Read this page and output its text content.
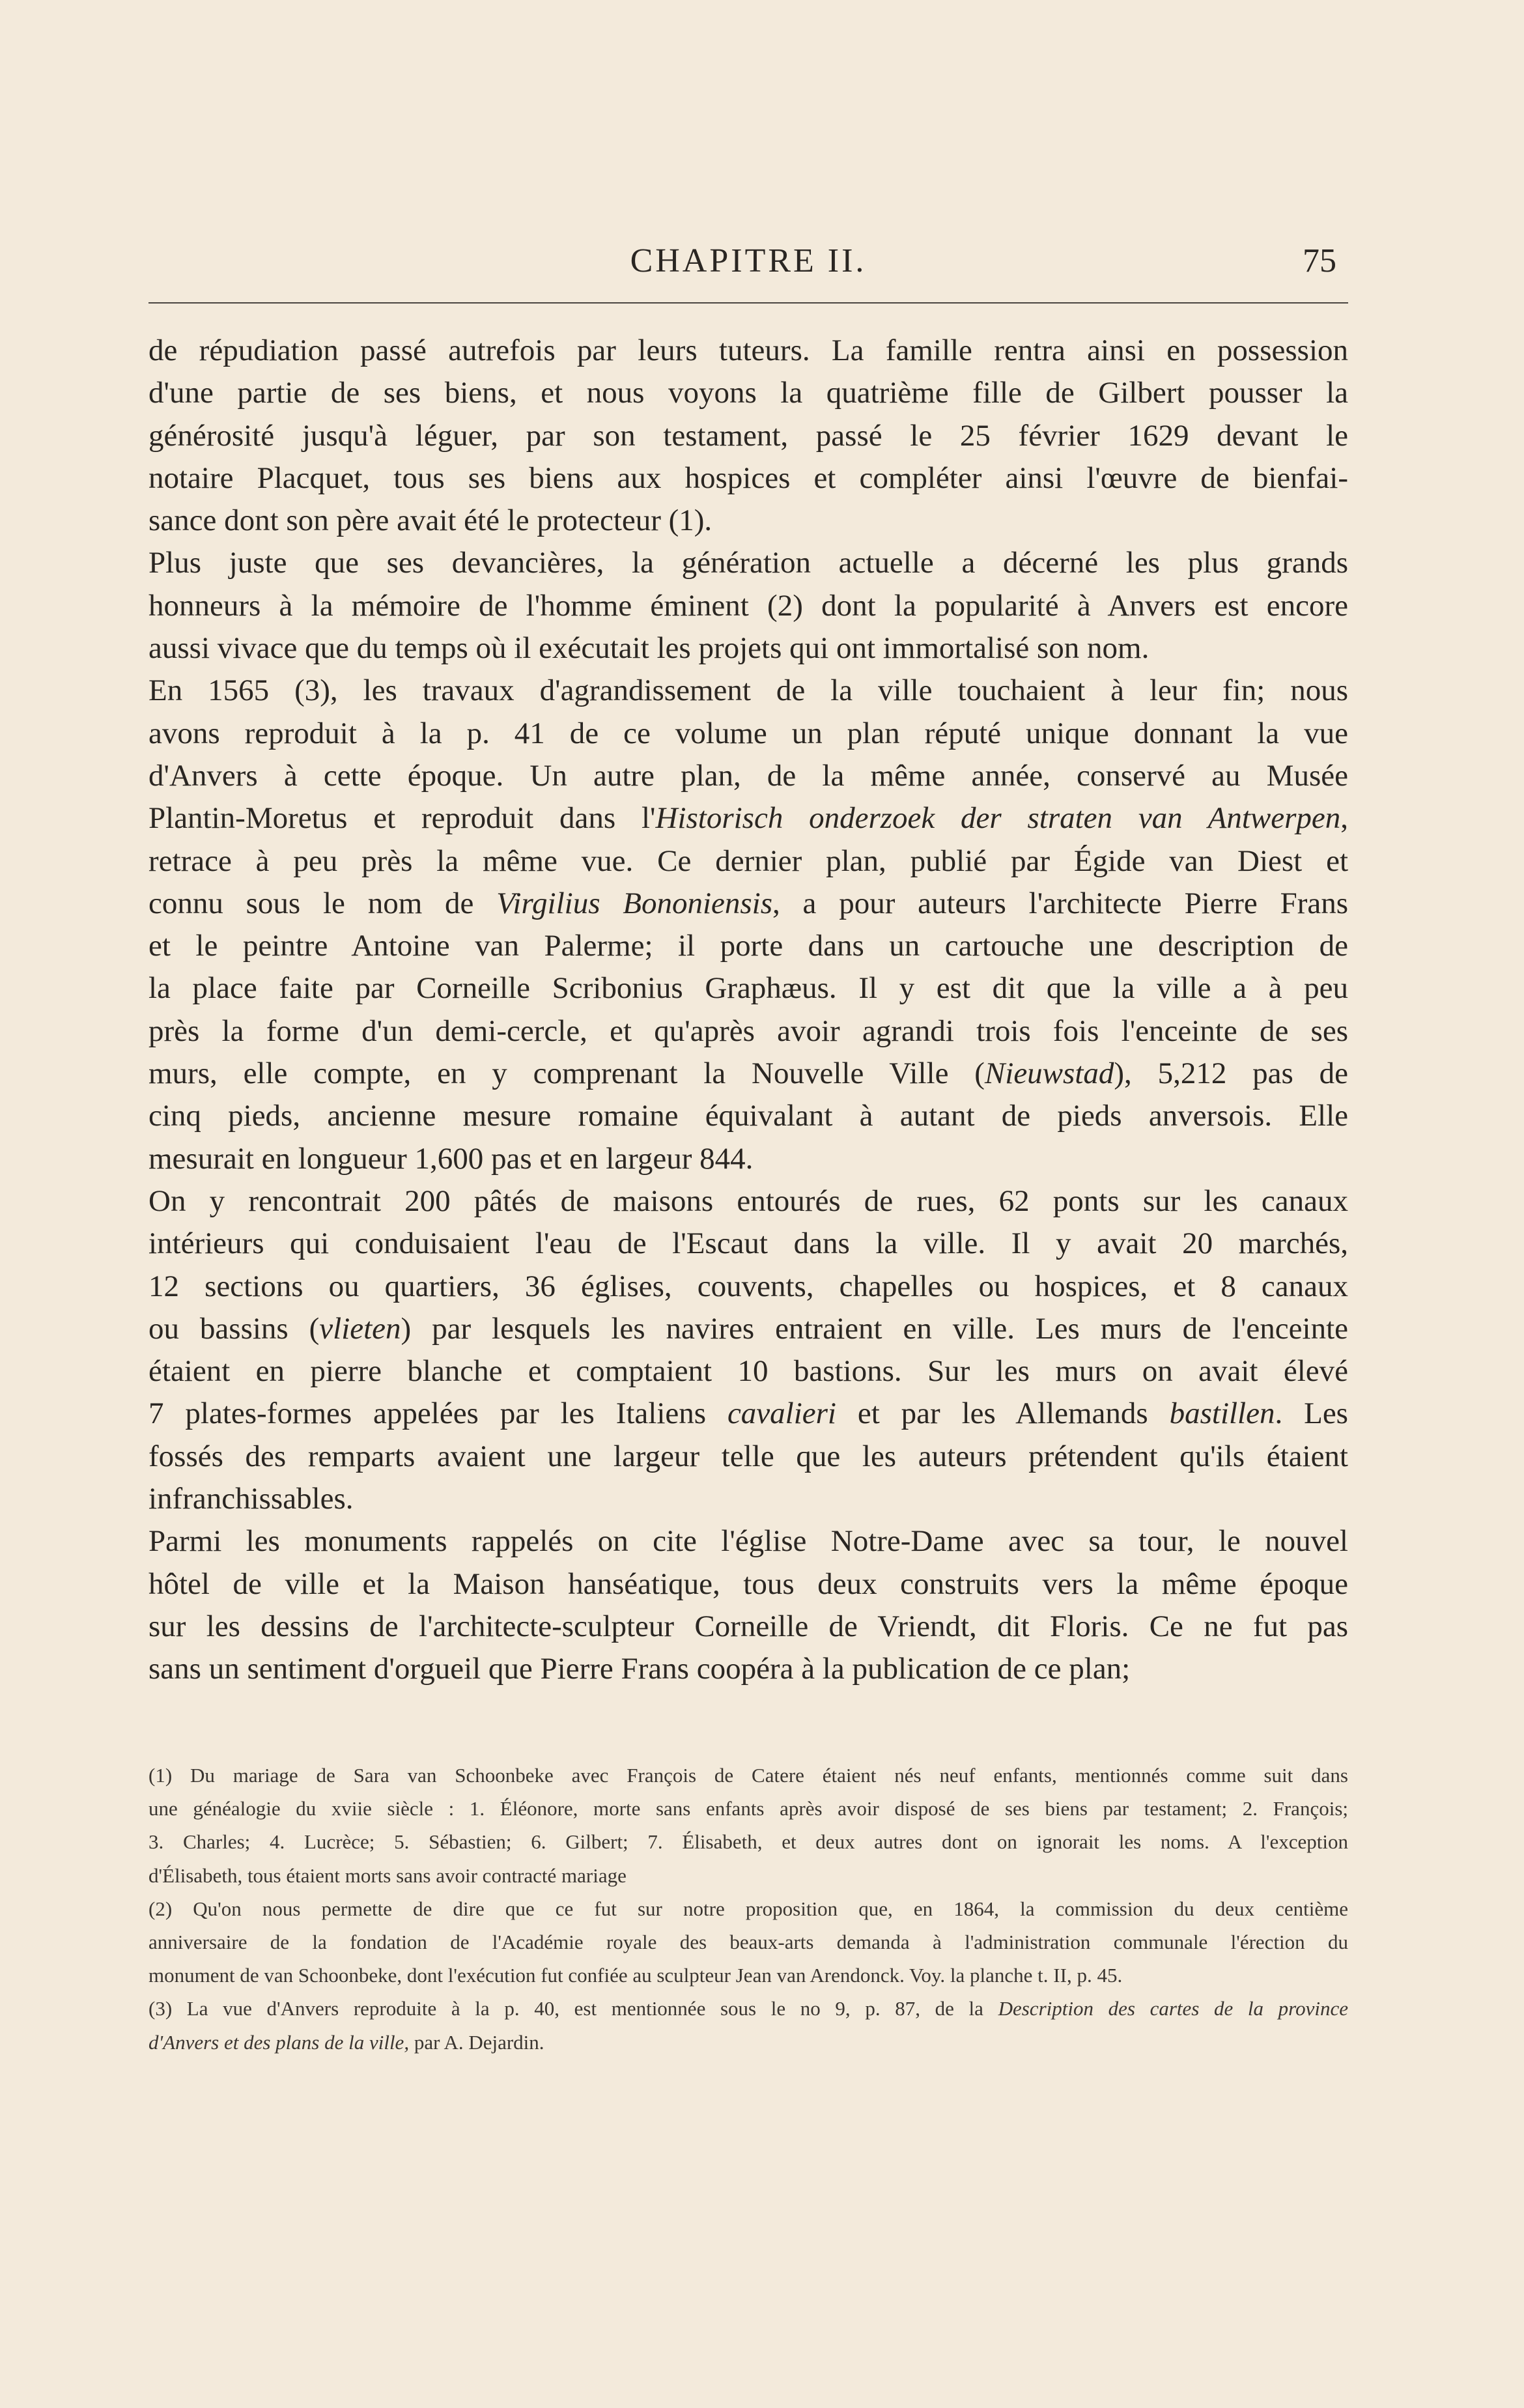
CHAPITRE II.	75
de répudiation passé autrefois par leurs tuteurs. La famille rentra ainsi en possession
d'une partie de ses biens, et nous voyons la quatrième fille de Gilbert pousser la
générosité jusqu'à léguer, par son testament, passé le 25 février 1629 devant le
notaire Placquet, tous ses biens aux hospices et compléter ainsi l'œuvre de bienfai-
sance dont son père avait été le protecteur (1).
Plus juste que ses devancières, la génération actuelle a décerné les plus grands
honneurs à la mémoire de l'homme éminent (2) dont la popularité à Anvers est encore
aussi vivace que du temps où il exécutait les projets qui ont immortalisé son nom.
En 1565 (3), les travaux d'agrandissement de la ville touchaient à leur fin; nous
avons reproduit à la p. 41 de ce volume un plan réputé unique donnant la vue
d'Anvers à cette époque. Un autre plan, de la même année, conservé au Musée
Plantin-Moretus et reproduit dans l'Historisch onderzoek der straten van Antwerpen,
retrace à peu près la même vue. Ce dernier plan, publié par Égide van Diest et
connu sous le nom de Virgilius Bononiensis, a pour auteurs l'architecte Pierre Frans
et le peintre Antoine van Palerme; il porte dans un cartouche une description de
la place faite par Corneille Scribonius Graphæus. Il y est dit que la ville a à peu
près la forme d'un demi-cercle, et qu'après avoir agrandi trois fois l'enceinte de ses
murs, elle compte, en y comprenant la Nouvelle Ville (Nieuwstad), 5,212 pas de
cinq pieds, ancienne mesure romaine équivalant à autant de pieds anversois. Elle
mesurait en longueur 1,600 pas et en largeur 844.
On y rencontrait 200 pâtés de maisons entourés de rues, 62 ponts sur les canaux
intérieurs qui conduisaient l'eau de l'Escaut dans la ville. Il y avait 20 marchés,
12 sections ou quartiers, 36 églises, couvents, chapelles ou hospices, et 8 canaux
ou bassins (vlieten) par lesquels les navires entraient en ville. Les murs de l'enceinte
étaient en pierre blanche et comptaient 10 bastions. Sur les murs on avait élevé
7 plates-formes appelées par les Italiens cavalieri et par les Allemands bastillen. Les
fossés des remparts avaient une largeur telle que les auteurs prétendent qu'ils étaient
infranchissables.
Parmi les monuments rappelés on cite l'église Notre-Dame avec sa tour, le nouvel
hôtel de ville et la Maison hanséatique, tous deux construits vers la même époque
sur les dessins de l'architecte-sculpteur Corneille de Vriendt, dit Floris. Ce ne fut pas
sans un sentiment d'orgueil que Pierre Frans coopéra à la publication de ce plan;
(1) Du mariage de Sara van Schoonbeke avec François de Catere étaient nés neuf enfants, mentionnés comme suit dans
une généalogie du xviie siècle : 1. Éléonore, morte sans enfants après avoir disposé de ses biens par testament; 2. François;
3. Charles; 4. Lucrèce; 5. Sébastien; 6. Gilbert; 7. Élisabeth, et deux autres dont on ignorait les noms. A l'exception
d'Élisabeth, tous étaient morts sans avoir contracté mariage
(2) Qu'on nous permette de dire que ce fut sur notre proposition que, en 1864, la commission du deux centième
anniversaire de la fondation de l'Académie royale des beaux-arts demanda à l'administration communale l'érection du
monument de van Schoonbeke, dont l'exécution fut confiée au sculpteur Jean van Arendonck. Voy. la planche t. II, p. 45.
(3) La vue d'Anvers reproduite à la p. 40, est mentionnée sous le no 9, p. 87, de la Description des cartes de la province
d'Anvers et des plans de la ville, par A. Dejardin.
